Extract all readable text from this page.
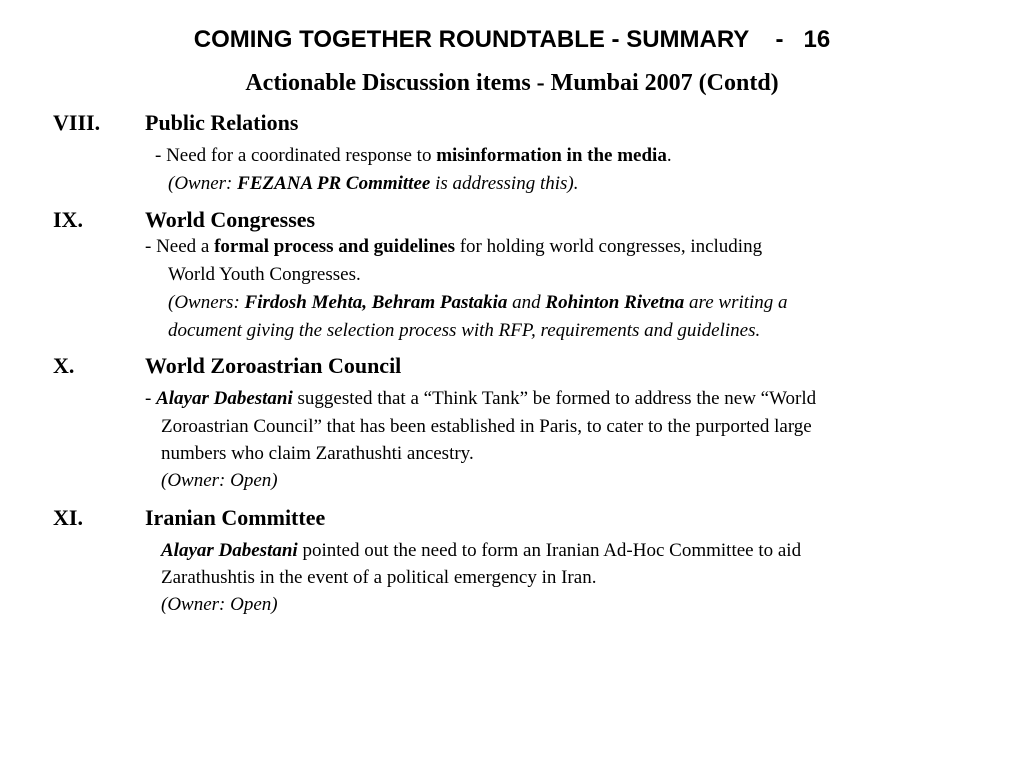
COMING TOGETHER ROUNDTABLE - SUMMARY    -   16
Actionable Discussion items - Mumbai 2007 (Contd)
VIII. Public Relations
- Need for a coordinated response to misinformation in the media.
(Owner: FEZANA PR Committee is addressing this).
IX.	World Congresses
- Need a formal process and guidelines for holding world congresses, including
World Youth Congresses.
(Owners: Firdosh Mehta, Behram Pastakia and Rohinton Rivetna are writing a
document giving the selection process with RFP, requirements and guidelines.
X.	World Zoroastrian Council
- Alayar Dabestani suggested that a “Think Tank” be formed to address the new “World
Zoroastrian Council” that has been established in Paris, to cater to the purported large
numbers who claim Zarathushti ancestry.
(Owner: Open)
XI.	Iranian Committee
Alayar Dabestani pointed out the need to form an Iranian Ad-Hoc Committee to aid
Zarathushtis in the event of a political emergency in Iran.
(Owner: Open)
